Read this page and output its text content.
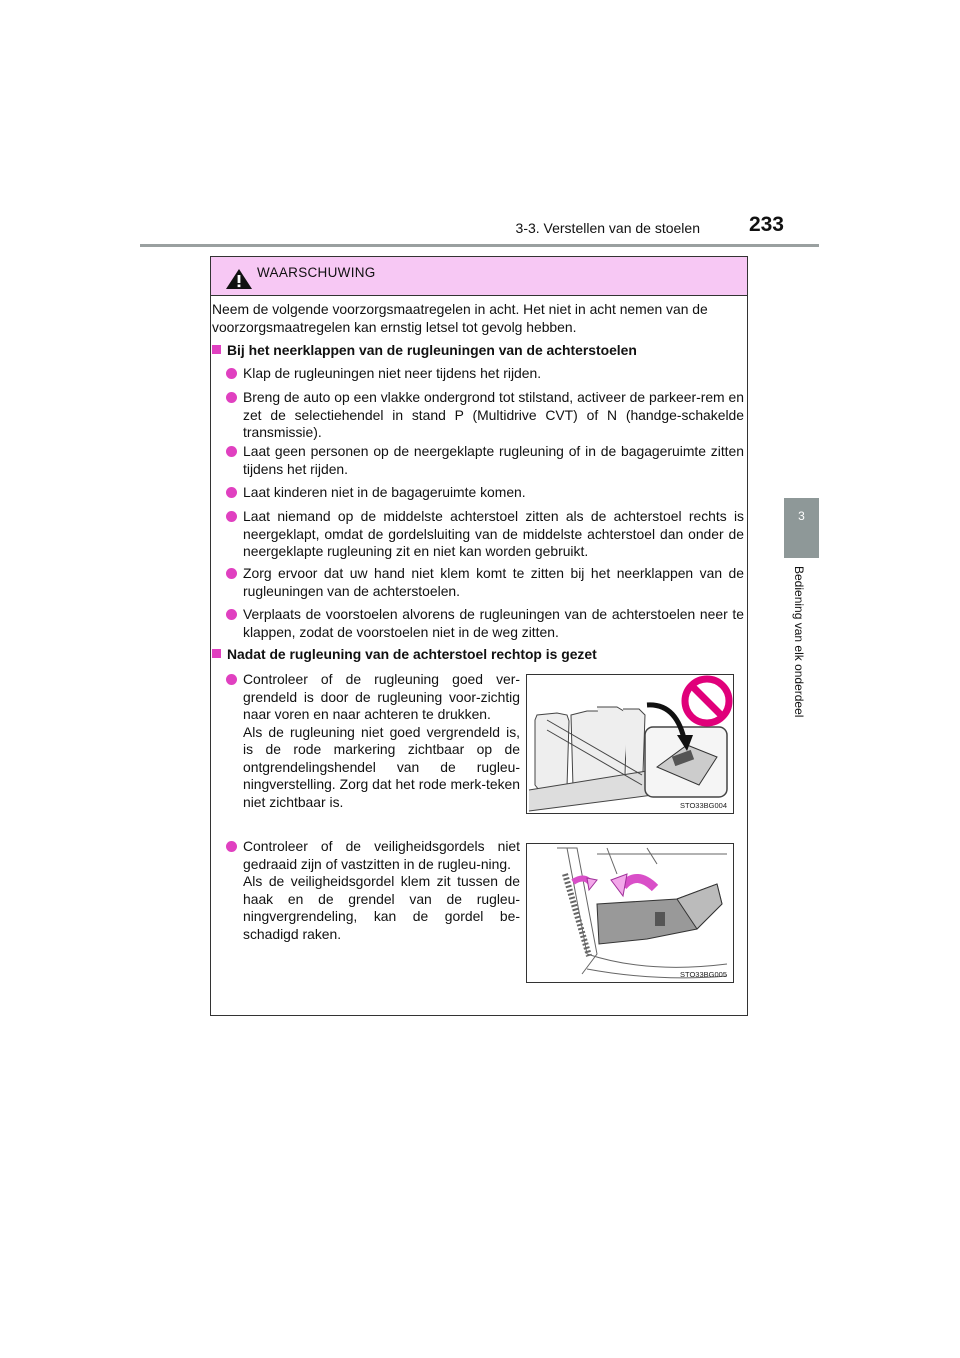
3-3. Verstellen van de stoelen	233
3
Bediening van elk onderdeel
WAARSCHUWING
Neem de volgende voorzorgsmaatregelen in acht. Het niet in acht nemen van de voorzorgsmaatregelen kan ernstig letsel tot gevolg hebben.
Bij het neerklappen van de rugleuningen van de achterstoelen
Klap de rugleuningen niet neer tijdens het rijden.
Breng de auto op een vlakke ondergrond tot stilstand, activeer de parkeer-rem en zet de selectiehendel in stand P (Multidrive CVT) of N (handge-schakelde transmissie).
Laat geen personen op de neergeklapte rugleuning of in de bagageruimte zitten tijdens het rijden.
Laat kinderen niet in de bagageruimte komen.
Laat niemand op de middelste achterstoel zitten als de achterstoel rechts is neergeklapt, omdat de gordelsluiting van de middelste achterstoel dan onder de neergeklapte rugleuning zit en niet kan worden gebruikt.
Zorg ervoor dat uw hand niet klem komt te zitten bij het neerklappen van de rugleuningen van de achterstoelen.
Verplaats de voorstoelen alvorens de rugleuningen van de achterstoelen neer te klappen, zodat de voorstoelen niet in de weg zitten.
Nadat de rugleuning van de achterstoel rechtop is gezet
Controleer of de rugleuning goed ver-grendeld is door de rugleuning voor-zichtig naar voren en naar achteren te drukken.
Als de rugleuning niet goed vergrendeld is, is de rode markering zichtbaar op de ontgrendelingshendel van de rugleu-ningverstelling. Zorg dat het rode merk-teken niet zichtbaar is.
Controleer of de veiligheidsgordels niet gedraaid zijn of vastzitten in de rugleu-ning.
Als de veiligheidsgordel klem zit tussen de haak en de grendel van de rugleu-ningvergrendeling, kan de gordel be-schadigd raken.
STO33BG004
STO33BG005
